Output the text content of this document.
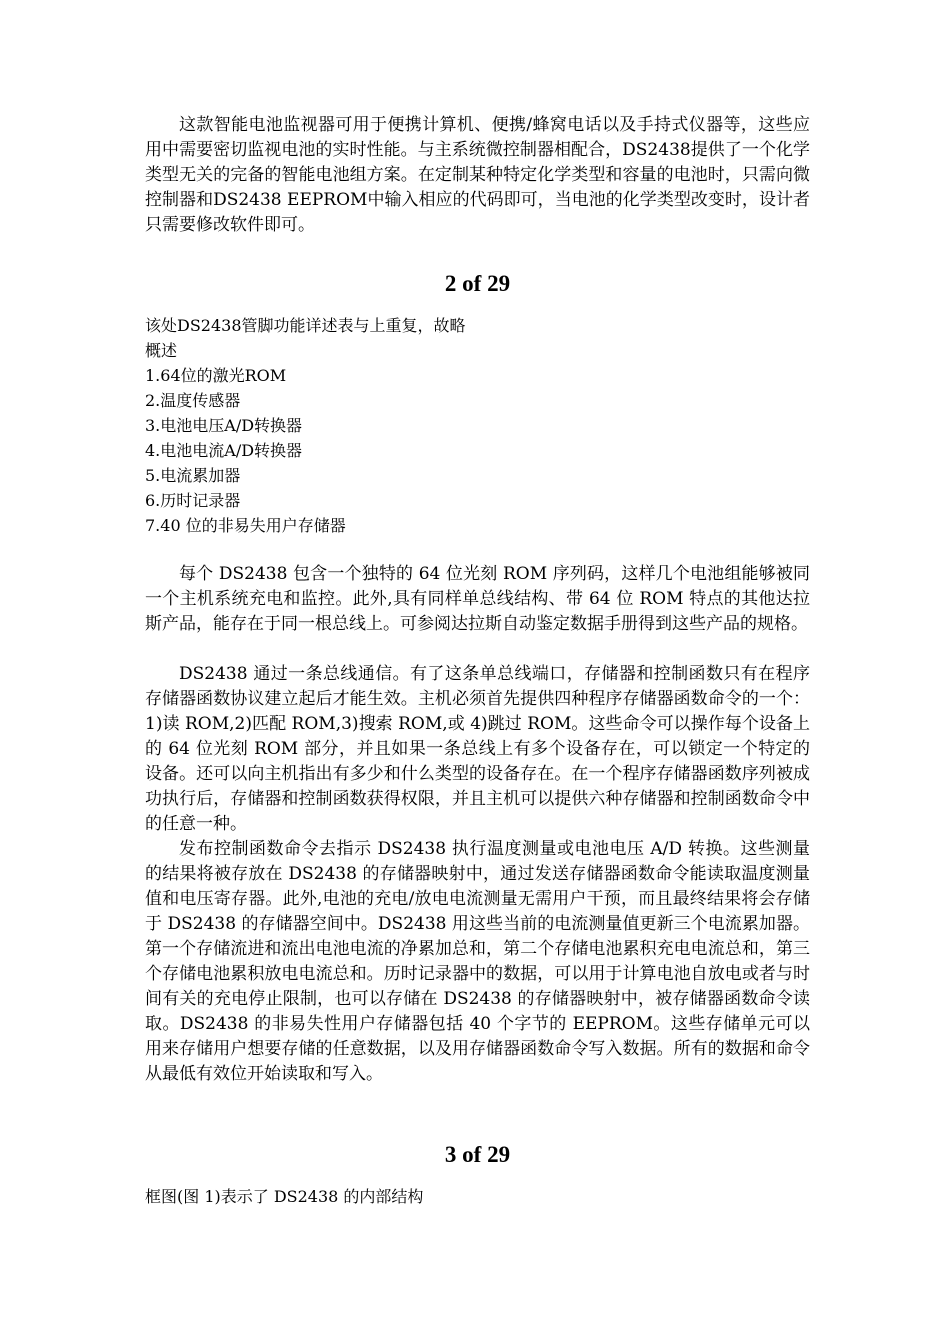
这款智能电池监视器可用于便携计算机、便携/蜂窝电话以及手持式仪器等，这些应用中需要密切监视电池的实时性能。与主系统微控制器相配合，DS2438提供了一个化学类型无关的完备的智能电池组方案。在定制某种特定化学类型和容量的电池时，只需向微控制器和DS2438 EEPROM中输入相应的代码即可，当电池的化学类型改变时，设计者只需要修改软件即可。

2 of 29

该处DS2438管脚功能详述表与上重复，故略

概述

1.64位的激光ROM

2.温度传感器

3.电池电压A/D转换器

4.电池电流A/D转换器

5.电流累加器

6.历时记录器

7.40 位的非易失用户存储器

每个 DS2438 包含一个独特的 64 位光刻 ROM 序列码，这样几个电池组能够被同一个主机系统充电和监控。此外,具有同样单总线结构、带 64 位 ROM 特点的其他达拉斯产品，能存在于同一根总线上。可参阅达拉斯自动鉴定数据手册得到这些产品的规格。

DS2438 通过一条总线通信。有了这条单总线端口，存储器和控制函数只有在程序存储器函数协议建立起后才能生效。主机必须首先提供四种程序存储器函数命令的一个：1)读 ROM,2)匹配 ROM,3)搜索 ROM,或 4)跳过 ROM。这些命令可以操作每个设备上的 64 位光刻 ROM 部分，并且如果一条总线上有多个设备存在，可以锁定一个特定的设备。还可以向主机指出有多少和什么类型的设备存在。在一个程序存储器函数序列被成功执行后，存储器和控制函数获得权限，并且主机可以提供六种存储器和控制函数命令中的任意一种。

发布控制函数命令去指示 DS2438 执行温度测量或电池电压 A/D 转换。这些测量的结果将被存放在 DS2438 的存储器映射中，通过发送存储器函数命令能读取温度测量值和电压寄存器。此外,电池的充电/放电电流测量无需用户干预，而且最终结果将会存储于 DS2438 的存储器空间中。DS2438 用这些当前的电流测量值更新三个电流累加器。第一个存储流进和流出电池电流的净累加总和，第二个存储电池累积充电电流总和，第三个存储电池累积放电电流总和。历时记录器中的数据，可以用于计算电池自放电或者与时间有关的充电停止限制，也可以存储在 DS2438 的存储器映射中，被存储器函数命令读取。DS2438 的非易失性用户存储器包括 40 个字节的 EEPROM。这些存储单元可以用来存储用户想要存储的任意数据，以及用存储器函数命令写入数据。所有的数据和命令从最低有效位开始读取和写入。

3 of 29

框图(图 1)表示了 DS2438 的内部结构
